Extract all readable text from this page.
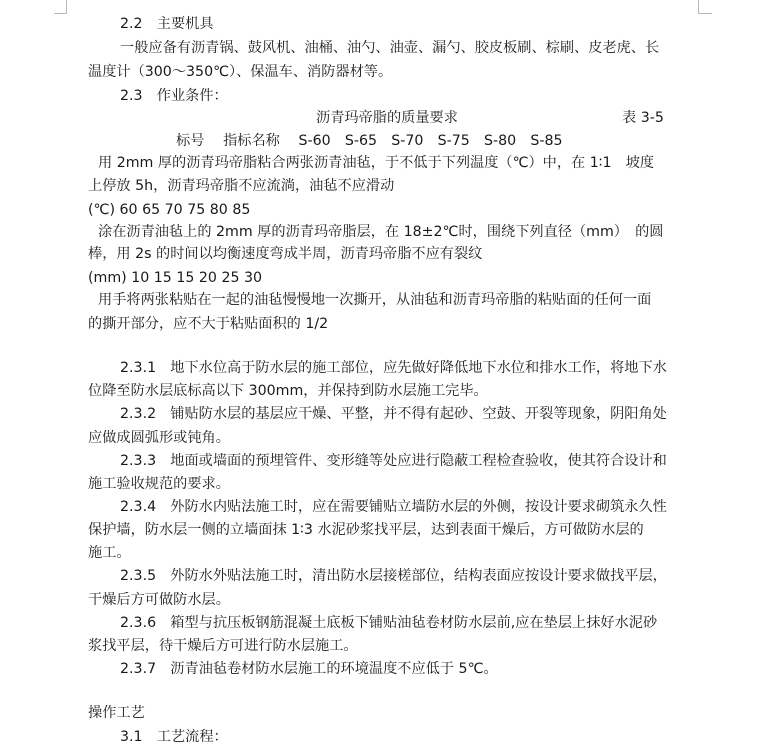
2.2　主要机具
一般应备有沥青锅、鼓风机、油桶、油勺、油壶、漏勺、胶皮板刷、棕刷、皮老虎、长
温度计（300～350℃）、保温车、消防器材等。
2.3　作业条件：
沥青玛帝脂的质量要求	表 3-5
标号　 指标名称　 S-60　S-65　S-70　S-75　S-80　S-85
用 2mm 厚的沥青玛帝脂粘合两张沥青油毡，于不低于下列温度（℃）中，在 1∶1　坡度
上停放 5h，沥青玛帝脂不应流淌，油毡不应滑动
(℃) 60 65 70 75 80 85
涂在沥青油毡上的 2mm 厚的沥青玛帝脂层，在 18±2℃时，围绕下列直径（mm）　的圆
棒，用 2s 的时间以均衡速度弯成半周，沥青玛帝脂不应有裂纹
(mm) 10 15 15 20 25 30
用手将两张粘贴在一起的油毡慢慢地一次撕开，从油毡和沥青玛帝脂的粘贴面的任何一面
的撕开部分，应不大于粘贴面积的 1/2
2.3.1　地下水位高于防水层的施工部位，应先做好降低地下水位和排水工作，将地下水
位降至防水层底标高以下 300mm，并保持到防水层施工完毕。
2.3.2　铺贴防水层的基层应干燥、平整，并不得有起砂、空鼓、开裂等现象，阴阳角处
应做成圆弧形或钝角。
2.3.3　地面或墙面的预埋管件、变形缝等处应进行隐蔽工程检查验收，使其符合设计和
施工验收规范的要求。
2.3.4　外防水内贴法施工时，应在需要铺贴立墙防水层的外侧，按设计要求砌筑永久性
保护墙，防水层一侧的立墙面抹 1∶3 水泥砂浆找平层，达到表面干燥后，方可做防水层的
施工。
2.3.5　外防水外贴法施工时，清出防水层接槎部位，结构表面应按设计要求做找平层，
干燥后方可做防水层。
2.3.6　箱型与抗压板钢筋混凝土底板下铺贴油毡卷材防水层前,应在垫层上抹好水泥砂
浆找平层，待干燥后方可进行防水层施工。
2.3.7　沥青油毡卷材防水层施工的环境温度不应低于 5℃。
操作工艺
3.1　工艺流程：
